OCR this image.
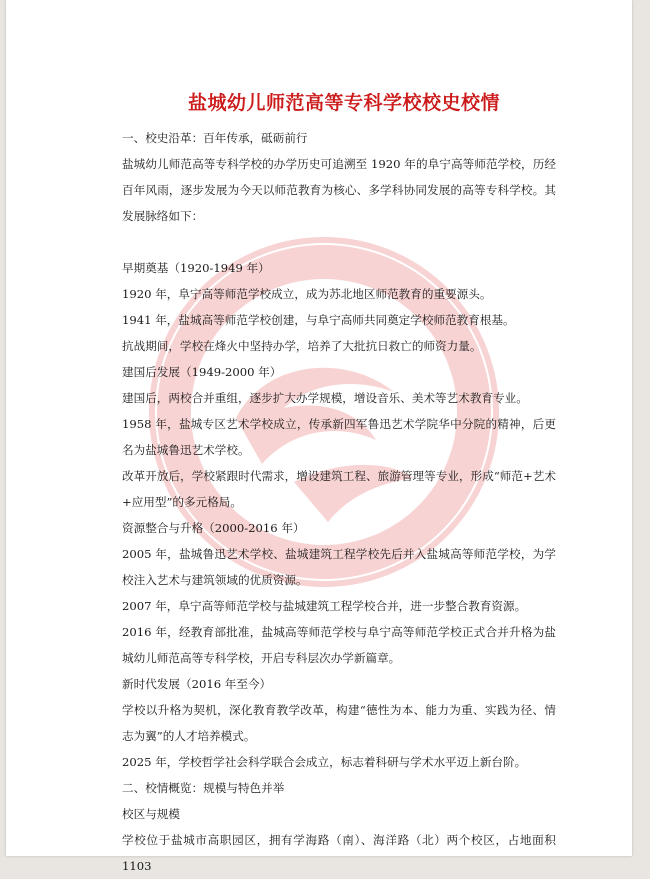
盐城幼儿师范高等专科学校校史校情

一、校史沿革：百年传承，砥砺前行

盐城幼儿师范高等专科学校的办学历史可追溯至 1920 年的阜宁高等师范学校，历经百年风雨，逐步发展为今天以师范教育为核心、多学科协同发展的高等专科学校。其发展脉络如下：

早期奠基（1920-1949 年）

1920 年，阜宁高等师范学校成立，成为苏北地区师范教育的重要源头。

1941 年，盐城高等师范学校创建，与阜宁高师共同奠定学校师范教育根基。

抗战期间，学校在烽火中坚持办学，培养了大批抗日救亡的师资力量。

建国后发展（1949-2000 年）

建国后，两校合并重组，逐步扩大办学规模，增设音乐、美术等艺术教育专业。

1958 年，盐城专区艺术学校成立，传承新四军鲁迅艺术学院华中分院的精神，后更名为盐城鲁迅艺术学校。

改革开放后，学校紧跟时代需求，增设建筑工程、旅游管理等专业，形成“师范+艺术+应用型”的多元格局。

资源整合与升格（2000-2016 年）

2005 年，盐城鲁迅艺术学校、盐城建筑工程学校先后并入盐城高等师范学校，为学校注入艺术与建筑领域的优质资源。

2007 年，阜宁高等师范学校与盐城建筑工程学校合并，进一步整合教育资源。

2016 年，经教育部批准，盐城高等师范学校与阜宁高等师范学校正式合并升格为盐城幼儿师范高等专科学校，开启专科层次办学新篇章。

新时代发展（2016 年至今）

学校以升格为契机，深化教育教学改革，构建“德性为本、能力为重、实践为径、情志为翼”的人才培养模式。

2025 年，学校哲学社会科学联合会成立，标志着科研与学术水平迈上新台阶。

二、校情概览：规模与特色并举

校区与规模

学校位于盐城市高职园区，拥有学海路（南）、海洋路（北）两个校区，占地面积 1103
